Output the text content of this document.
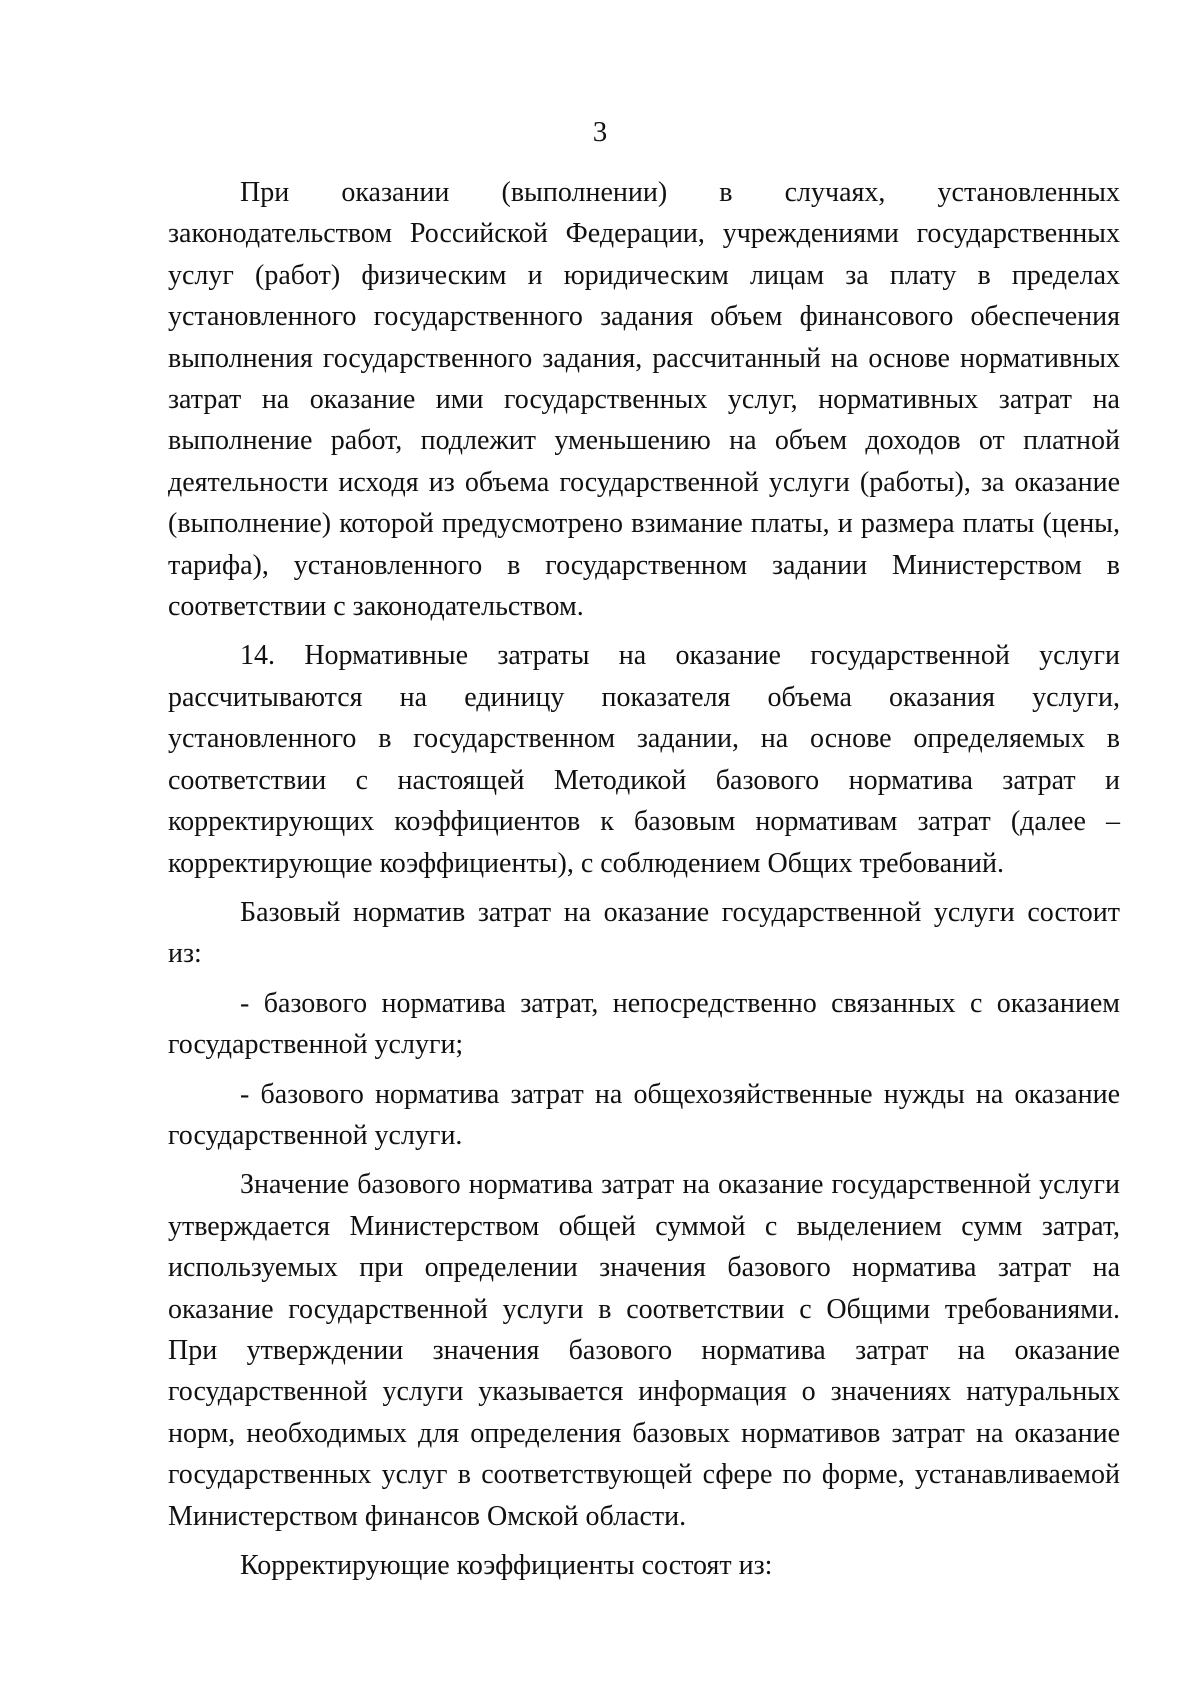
3

При оказании (выполнении) в случаях, установленных законодательством Российской Федерации, учреждениями государственных услуг (работ) физическим и юридическим лицам за плату в пределах установленного государственного задания объем финансового обеспечения выполнения государственного задания, рассчитанный на основе нормативных затрат на оказание ими государственных услуг, нормативных затрат на выполнение работ, подлежит уменьшению на объем доходов от платной деятельности исходя из объема государственной услуги (работы), за оказание (выполнение) которой предусмотрено взимание платы, и размера платы (цены, тарифа), установленного в государственном задании Министерством в соответствии с законодательством.

14. Нормативные затраты на оказание государственной услуги рассчитываются на единицу показателя объема оказания услуги, установленного в государственном задании, на основе определяемых в соответствии с настоящей Методикой базового норматива затрат и корректирующих коэффициентов к базовым нормативам затрат (далее – корректирующие коэффициенты), с соблюдением Общих требований.

Базовый норматив затрат на оказание государственной услуги состоит из:

- базового норматива затрат, непосредственно связанных с оказанием государственной услуги;

- базового норматива затрат на общехозяйственные нужды на оказание государственной услуги.

Значение базового норматива затрат на оказание государственной услуги утверждается Министерством общей суммой с выделением сумм затрат, используемых при определении значения базового норматива затрат на оказание государственной услуги в соответствии с Общими требованиями. При утверждении значения базового норматива затрат на оказание государственной услуги указывается информация о значениях натуральных норм, необходимых для определения базовых нормативов затрат на оказание государственных услуг в соответствующей сфере по форме, устанавливаемой Министерством финансов Омской области.

Корректирующие коэффициенты состоят из:
